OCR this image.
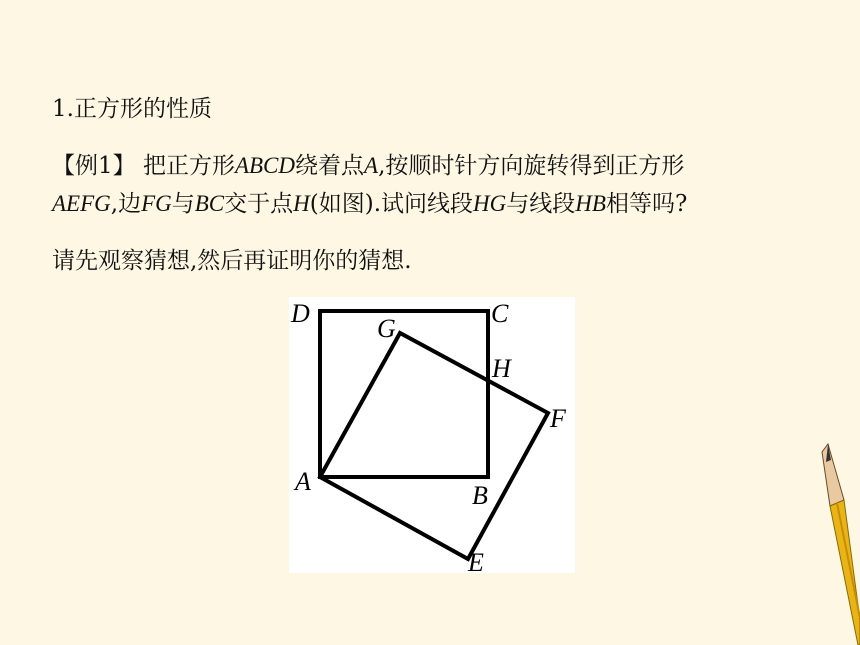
1.正方形的性质
【例1】 把正方形ABCD绕着点A,按顺时针方向旋转得到正方形
AEFG,边FG与BC交于点H(如图).试问线段HG与线段HB相等吗?
请先观察猜想,然后再证明你的猜想.
D	C
G
H
F
A	B
E
